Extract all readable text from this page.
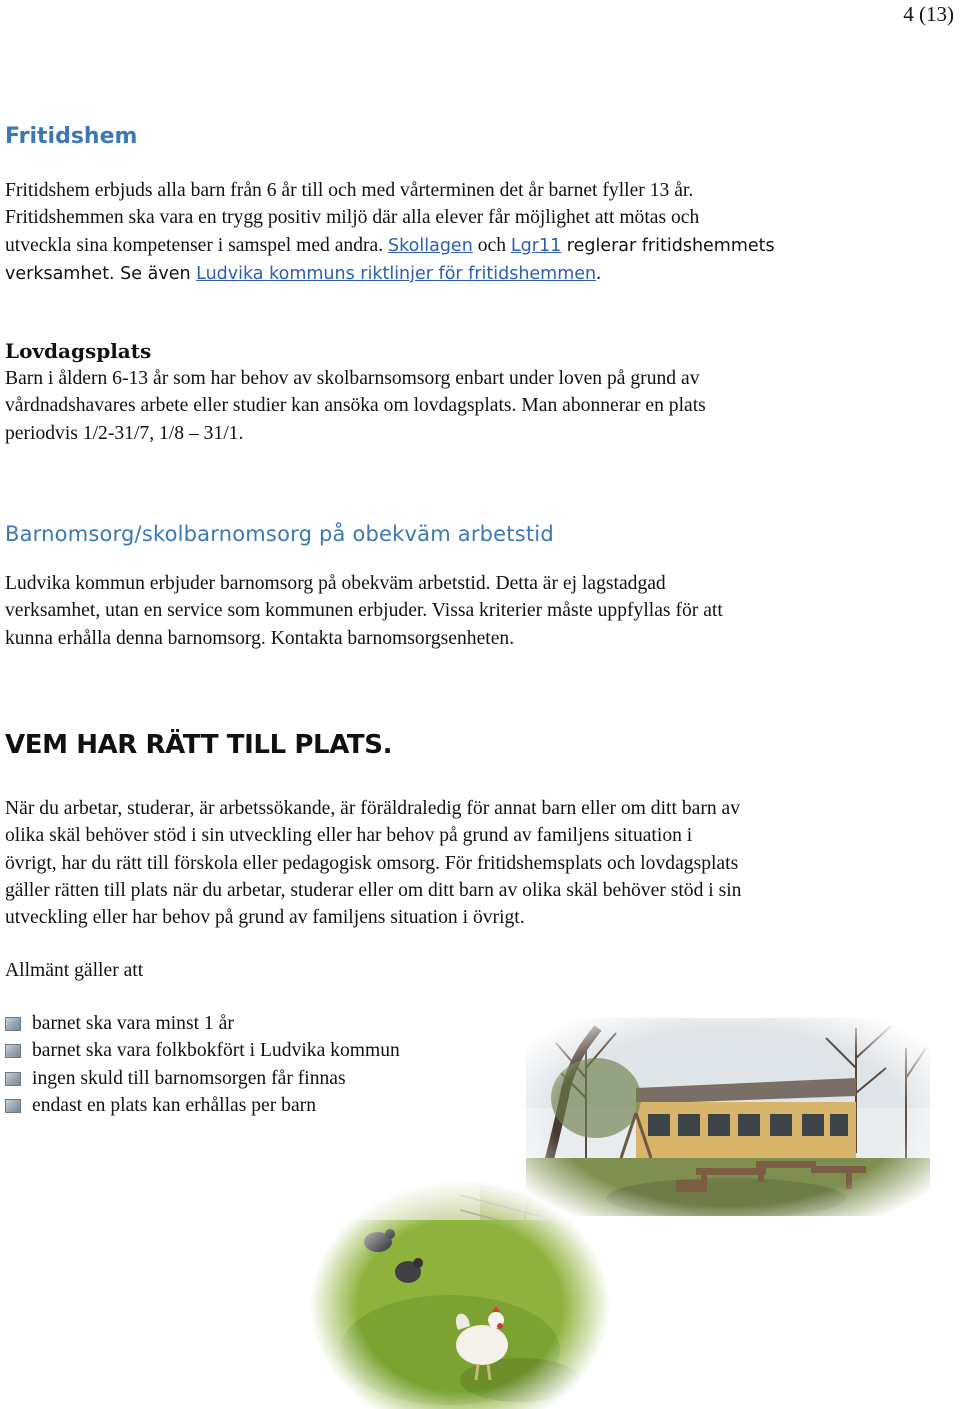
4 (13)
Fritidshem
Fritidshem erbjuds alla barn från 6 år till och med vårterminen det år barnet fyller 13 år.
Fritidshemmen ska vara en trygg positiv miljö där alla elever får möjlighet att mötas och
utveckla sina kompetenser i samspel med andra. Skollagen och Lgr11 reglerar fritidshemmets
verksamhet. Se även Ludvika kommuns riktlinjer för fritidshemmen.
Lovdagsplats
Barn i åldern 6-13 år som har behov av skolbarnsomsorg enbart under loven på grund av
vårdnadshavares arbete eller studier kan ansöka om lovdagsplats. Man abonnerar en plats
periodvis 1/2-31/7, 1/8 – 31/1.
Barnomsorg/skolbarnomsorg på obekväm arbetstid
Ludvika kommun erbjuder barnomsorg på obekväm arbetstid. Detta är ej lagstadgad
verksamhet, utan en service som kommunen erbjuder. Vissa kriterier måste uppfyllas för att
kunna erhålla denna barnomsorg. Kontakta barnomsorgsenheten.
VEM HAR RÄTT TILL PLATS.
När du arbetar, studerar, är arbetssökande, är föräldraledig för annat barn eller om ditt barn av
olika skäl behöver stöd i sin utveckling eller har behov på grund av familjens situation i
övrigt, har du rätt till förskola eller pedagogisk omsorg. För fritidshemsplats och lovdagsplats
gäller rätten till plats när du arbetar, studerar eller om ditt barn av olika skäl behöver stöd i sin
utveckling eller har behov på grund av familjens situation i övrigt.
Allmänt gäller att
barnet ska vara minst 1 år
barnet ska vara folkbokfört i Ludvika kommun
ingen skuld till barnomsorgen får finnas
endast en plats kan erhållas per barn
